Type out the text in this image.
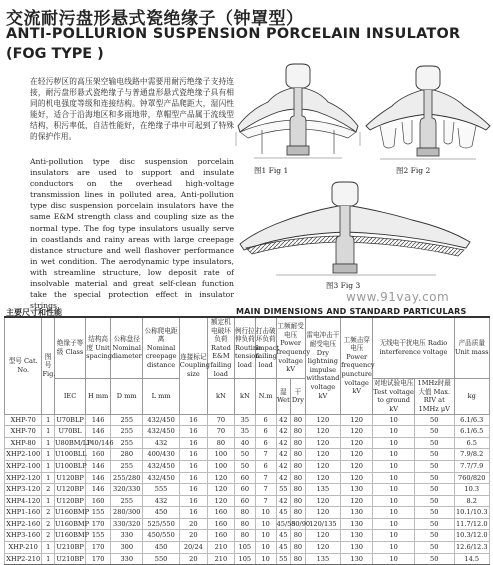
交流耐污盘形悬式瓷绝缘子（钟罩型）
ANTI-POLLURION SUSPENSION PORCELAIN INSULATOR
(FOG TYPE )

在轻污秽区的高压架空输电线路中需要用耐污绝缘子支持连接，耐污盘形悬式瓷绝缘子与普通盘形悬式瓷绝缘子具有相同的机电强度等级和连接结构。钟罩型产品爬距大，湿闪性能好，适合于沿海地区和多雨地带，草帽型产品属于流线型结构，积污率低，自洁性能好，在绝缘子串中可起到了特殊的保护作用。

Anti-pollution type disc suspension porcelain insulators are used to support and insulate conductors on the overhead high-voltage transmission lines in polluted area, Anti-pollution type disc suspension porcelain insulators have the same E&M strength class and coupling size as the normal type. The fog type insulators usually serve in coastlands and rainy areas with large creepage distance structure and well flashover performance in wet condition. The aerodynamic type insulators, with streamline structure, low deposit rate of insolvable material and great self-clean function take the special protection effect in insulator strings.

图1 Fig 1	图2 Fig 2
图3 Fig 3
www.91vay.com
主要尺寸和性能	MAIN DIMENSIONS AND STANDARD PARTICULARS
型号 Cat. No.	图号 Fig.	绝缘子等级 Class	结构高度 Unit spacing	公称盘径 Nominal diameter	公称爬电距离 Nominal creepage distance	连接标记 Coupling size	额定机电破坏负荷 Rated E&M failing load	例行拉伸负荷 Routine tension load	打击破坏负荷 Impact failing load	工频耐受电压 Power frequency voltage kV		雷电冲击干耐受电压 Dry lightning impulse withstand voltage kV	工频击穿电压 Power frequency puncture voltage kV	无线电干扰电压 Radio interference voltage		产品质量 Unit mass
		IEC	H mm	D mm	L mm		kN	kN	N.m	湿 Wet	干 Dry			对地试验电压 Test voltage to ground kV	1MHz时最大值 Max. RIV at 1MHz μV	kg
XHP-70	1	U70BLP	146	255	432/450	16	70	35	6	42	80	120	120	10	50	6.1/6.3
XHP-70	1	U70BL	146	255	432/450	16	70	35	6	42	80	120	120	10	50	6.1/6.5
XHP-80	1	U80BM/LP	140/146	255	432	16	80	40	6	42	80	120	120	10	50	6.5
XHP2-100	1	U100BLL	160	280	400/430	16	100	50	7	42	80	120	120	10	50	7.9/8.2
XHP2-100	1	U100BLP	146	255	432/450	16	100	50	6	42	80	120	120	10	50	7.7/7.9
XHP2-120	1	U120BP	146	255/280	432/450	16	120	60	7	42	80	120	120	10	50	760/820
XHP3-120	2	U120BP	146	320/330	555	16	120	60	7	55	80	135	130	10	50	10.3
XHP4-120	1	U120BP	160	255	432	16	120	60	7	42	80	120	120	10	50	8.2
XHP1-160	2	U160BMP	155	280/300	450	16	160	80	10	45	80	120	130	10	50	10.1/10.3
XHP2-160	2	U160BMP	170	330/320	525/550	20	160	80	10	45/55	80/90	120/135	130	10	50	11.7/12.0
XHP3-160	2	U160BMP	155	330	450/550	20	160	80	10	45	80	120	130	10	50	10.3/12.0
XHP-210	1	U210BP	170	300	450	20/24	210	105	10	45	80	120	130	10	50	12.6/12.3
XHP2-210	1	U210BP	170	330	550	20	210	105	10	55	80	135	130	10	50	14.5
